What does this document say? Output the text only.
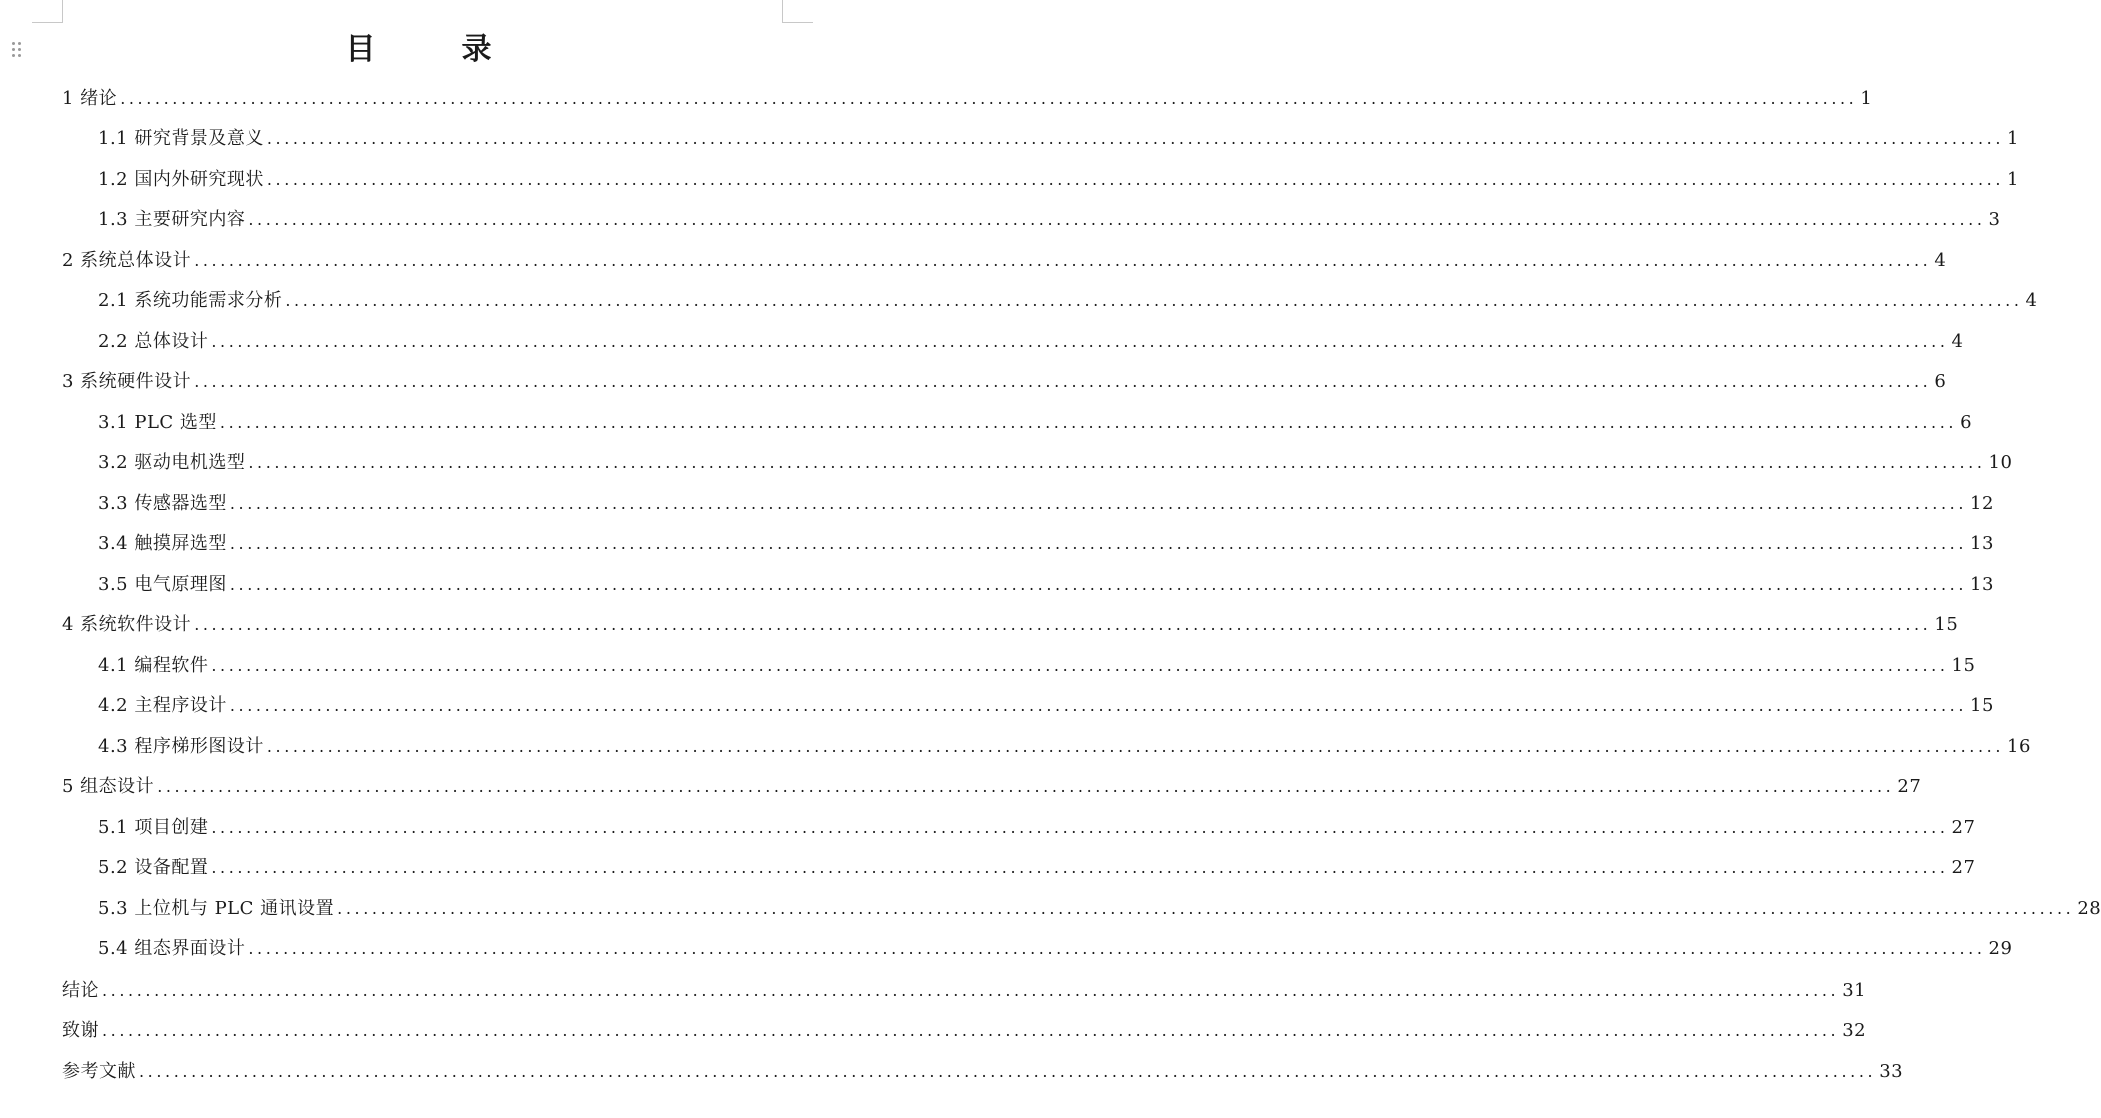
目　录
1 绪论 ........................................................................................................................................................................................................ 1
1.1 研究背景及意义 ........................................................................................................................................................................................................ 1
1.2 国内外研究现状 ........................................................................................................................................................................................................ 1
1.3 主要研究内容 ........................................................................................................................................................................................................ 3
2 系统总体设计 ........................................................................................................................................................................................................ 4
2.1 系统功能需求分析 ........................................................................................................................................................................................................ 4
2.2 总体设计 ........................................................................................................................................................................................................ 4
3 系统硬件设计 ........................................................................................................................................................................................................ 6
3.1 PLC 选型 ........................................................................................................................................................................................................ 6
3.2 驱动电机选型 ........................................................................................................................................................................................................ 10
3.3 传感器选型 ........................................................................................................................................................................................................ 12
3.4 触摸屏选型 ........................................................................................................................................................................................................ 13
3.5 电气原理图 ........................................................................................................................................................................................................ 13
4 系统软件设计 ........................................................................................................................................................................................................ 15
4.1 编程软件 ........................................................................................................................................................................................................ 15
4.2 主程序设计 ........................................................................................................................................................................................................ 15
4.3 程序梯形图设计 ........................................................................................................................................................................................................ 16
5 组态设计 ........................................................................................................................................................................................................ 27
5.1 项目创建 ........................................................................................................................................................................................................ 27
5.2 设备配置 ........................................................................................................................................................................................................ 27
5.3 上位机与 PLC 通讯设置 ........................................................................................................................................................................................................ 28
5.4 组态界面设计 ........................................................................................................................................................................................................ 29
结论 ........................................................................................................................................................................................................ 31
致谢 ........................................................................................................................................................................................................ 32
参考文献 ........................................................................................................................................................................................................ 33
